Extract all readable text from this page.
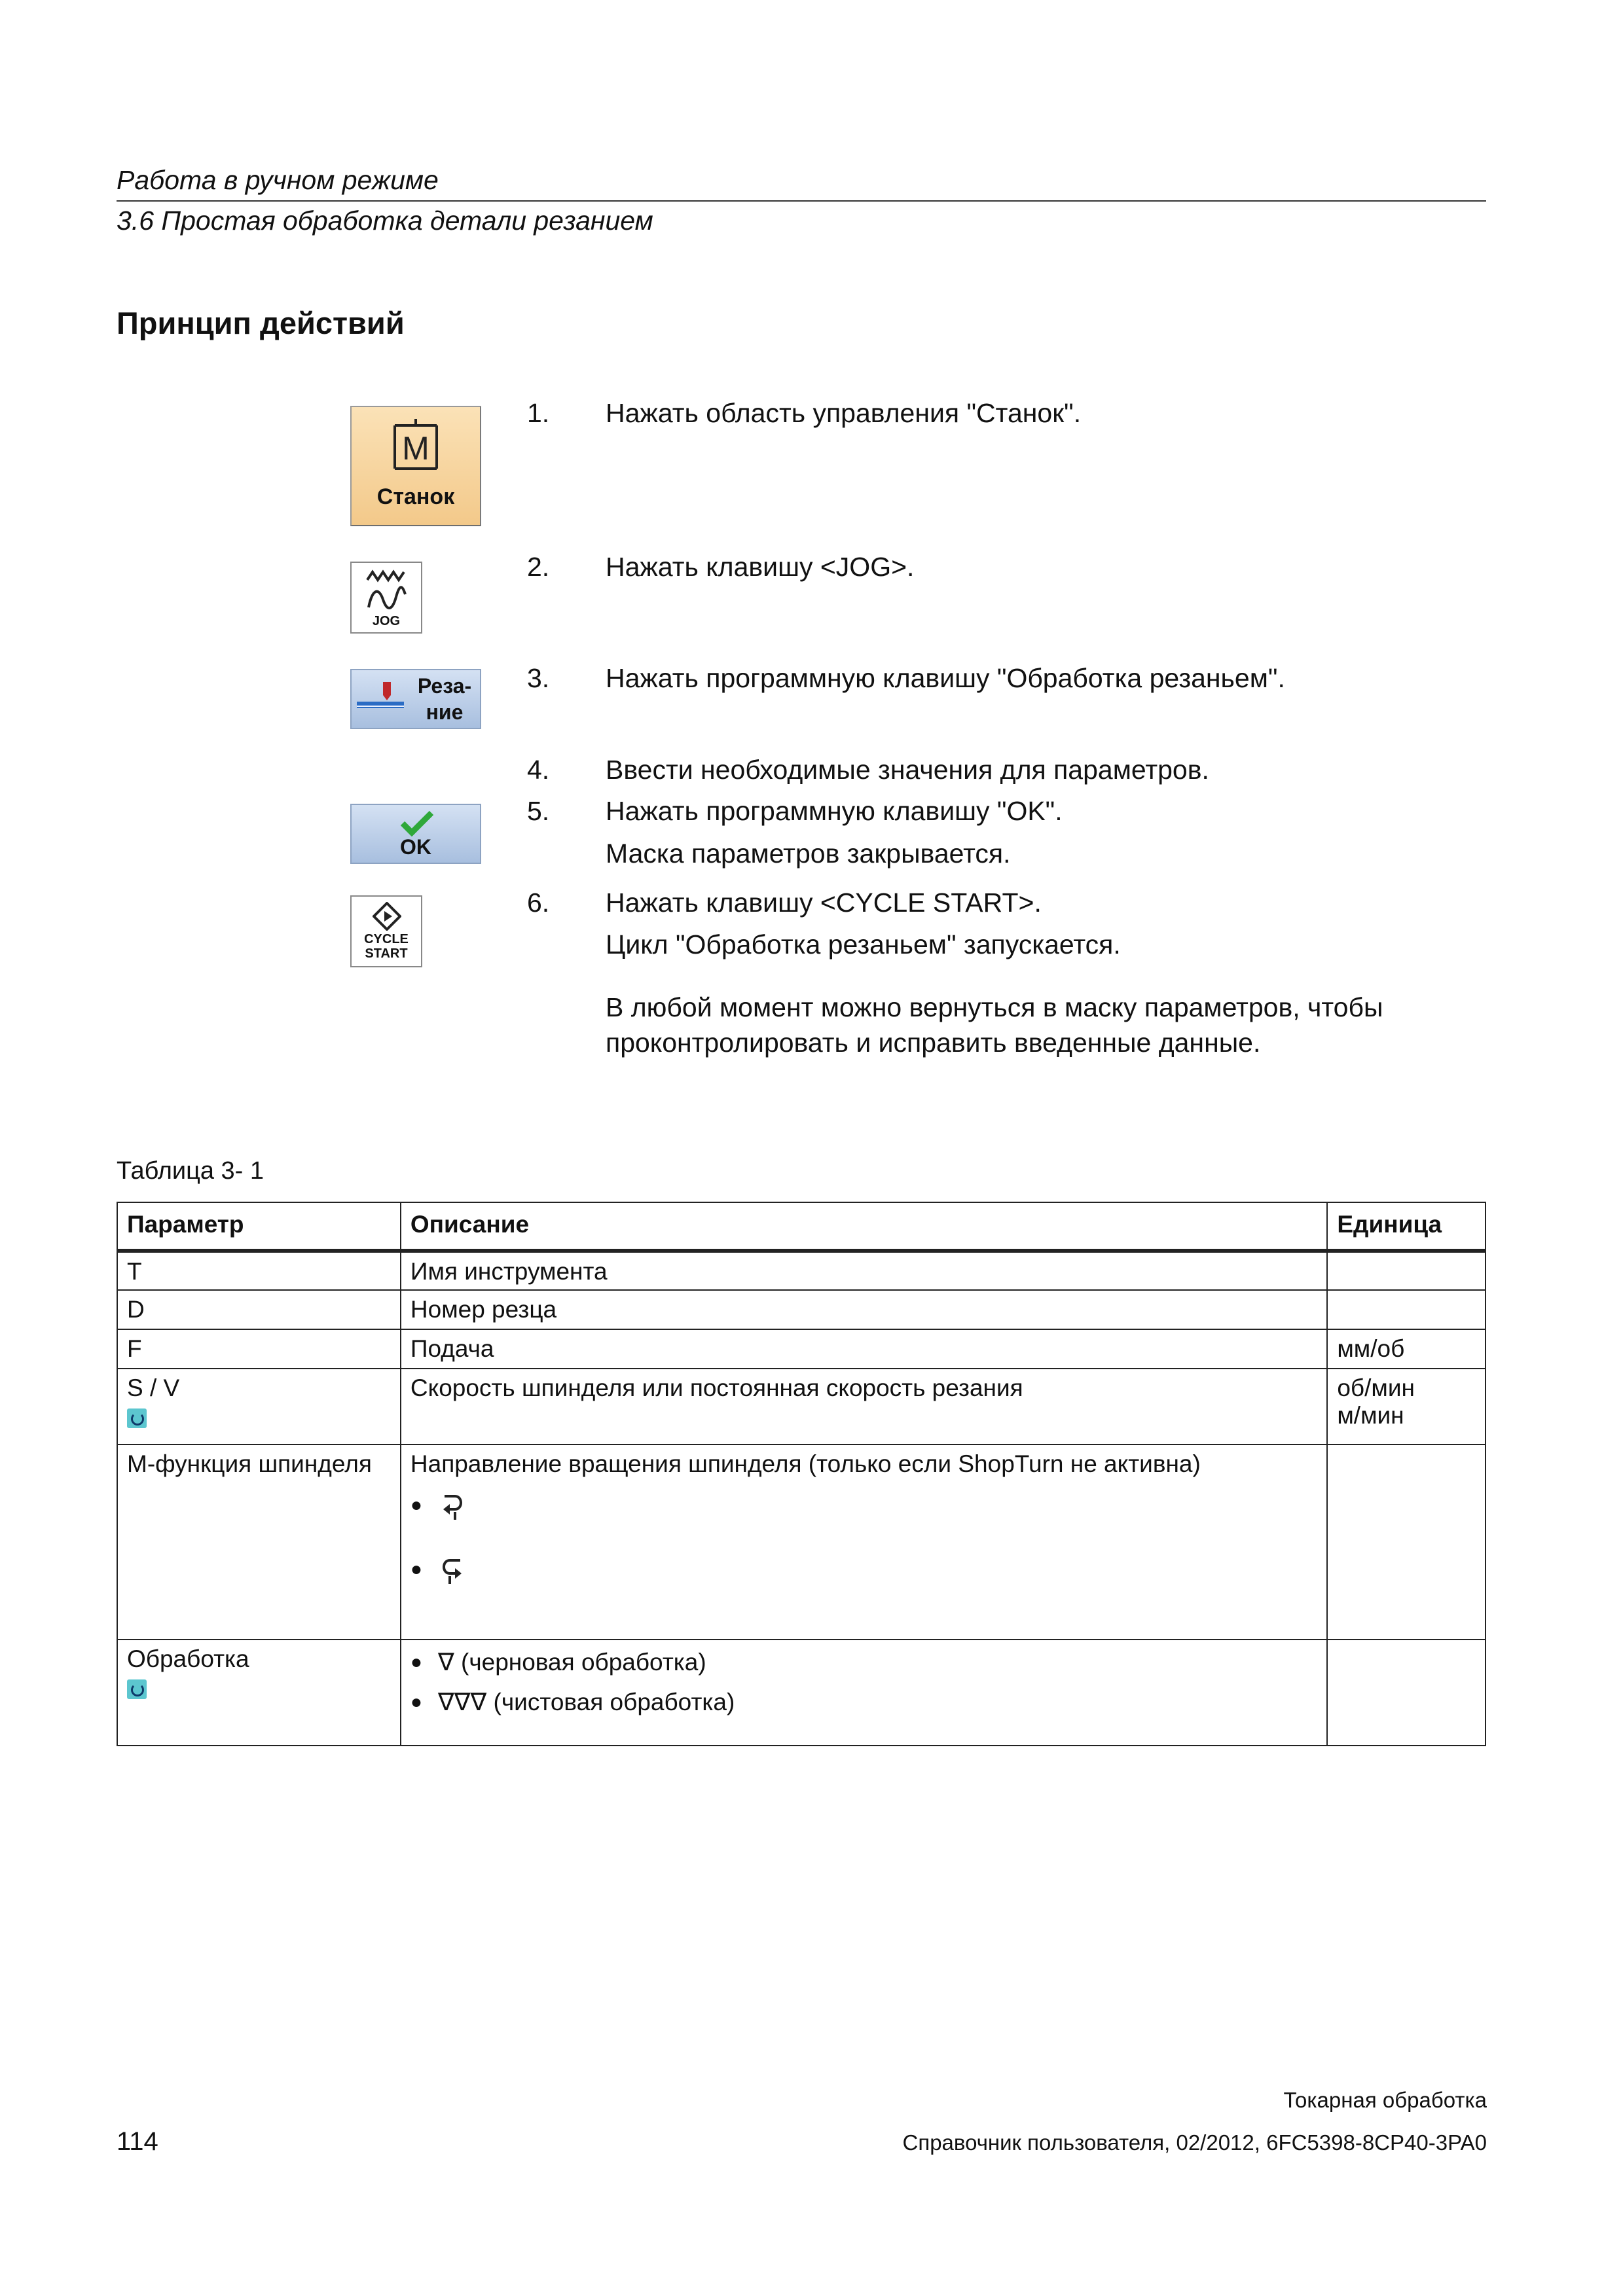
Работа в ручном режиме
3.6 Простая обработка детали резанием
Принцип действий
M
Станок
JOG
Реза-
ние
OK
CYCLE
START
1. Нажать область управления "Станок".
2. Нажать клавишу <JOG>.
3. Нажать программную клавишу "Обработка резаньем".
4. Ввести необходимые значения для параметров.
5. Нажать программную клавишу "OK".
Маска параметров закрывается.
6. Нажать клавишу <CYCLE START>.
Цикл "Обработка резаньем" запускается.
В любой момент можно вернуться в маску параметров, чтобы
проконтролировать и исправить введенные данные.
Таблица 3- 1
Параметр	Описание	Единица
T	Имя инструмента	
D	Номер резца	
F	Подача	мм/об

S / V	Скорость шпинделя или постоянная скорость резания	об/мин
м/мин

M-функция шпинделя	Направление вращения шпинделя (только если ShopTurn не активна)
●
●	

Обработка	● ∇ (черновая обработка)
● ∇∇∇ (чистовая обработка)	

Токарная обработка
114	Справочник пользователя, 02/2012, 6FC5398-8CP40-3PA0
